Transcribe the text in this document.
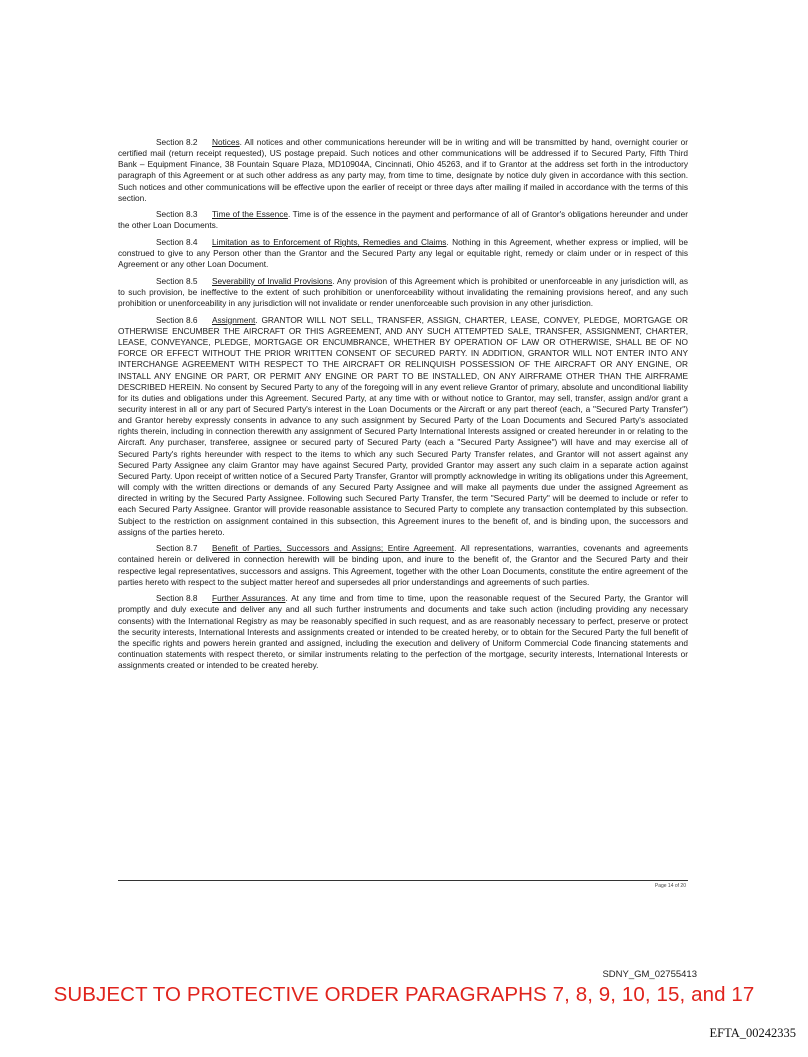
Section 8.2 Notices. All notices and other communications hereunder will be in writing and will be transmitted by hand, overnight courier or certified mail (return receipt requested), US postage prepaid. Such notices and other communications will be addressed if to Secured Party, Fifth Third Bank – Equipment Finance, 38 Fountain Square Plaza, MD10904A, Cincinnati, Ohio 45263, and if to Grantor at the address set forth in the introductory paragraph of this Agreement or at such other address as any party may, from time to time, designate by notice duly given in accordance with this section. Such notices and other communications will be effective upon the earlier of receipt or three days after mailing if mailed in accordance with the terms of this section.

Section 8.3 Time of the Essence. Time is of the essence in the payment and performance of all of Grantor's obligations hereunder and under the other Loan Documents.

Section 8.4 Limitation as to Enforcement of Rights, Remedies and Claims. Nothing in this Agreement, whether express or implied, will be construed to give to any Person other than the Grantor and the Secured Party any legal or equitable right, remedy or claim under or in respect of this Agreement or any other Loan Document.

Section 8.5 Severability of Invalid Provisions. Any provision of this Agreement which is prohibited or unenforceable in any jurisdiction will, as to such provision, be ineffective to the extent of such prohibition or unenforceability without invalidating the remaining provisions hereof, and any such prohibition or unenforceability in any jurisdiction will not invalidate or render unenforceable such provision in any other jurisdiction.

Section 8.6 Assignment. GRANTOR WILL NOT SELL, TRANSFER, ASSIGN, CHARTER, LEASE, CONVEY, PLEDGE, MORTGAGE OR OTHERWISE ENCUMBER THE AIRCRAFT OR THIS AGREEMENT, AND ANY SUCH ATTEMPTED SALE, TRANSFER, ASSIGNMENT, CHARTER, LEASE, CONVEYANCE, PLEDGE, MORTGAGE OR ENCUMBRANCE, WHETHER BY OPERATION OF LAW OR OTHERWISE, SHALL BE OF NO FORCE OR EFFECT WITHOUT THE PRIOR WRITTEN CONSENT OF SECURED PARTY. IN ADDITION, GRANTOR WILL NOT ENTER INTO ANY INTERCHANGE AGREEMENT WITH RESPECT TO THE AIRCRAFT OR RELINQUISH POSSESSION OF THE AIRCRAFT OR ANY ENGINE, OR INSTALL ANY ENGINE OR PART, OR PERMIT ANY ENGINE OR PART TO BE INSTALLED, ON ANY AIRFRAME OTHER THAN THE AIRFRAME DESCRIBED HEREIN. No consent by Secured Party to any of the foregoing will in any event relieve Grantor of primary, absolute and unconditional liability for its duties and obligations under this Agreement. Secured Party, at any time with or without notice to Grantor, may sell, transfer, assign and/or grant a security interest in all or any part of Secured Party's interest in the Loan Documents or the Aircraft or any part thereof (each, a "Secured Party Transfer") and Grantor hereby expressly consents in advance to any such assignment by Secured Party of the Loan Documents and Secured Party's associated rights therein, including in connection therewith any assignment of Secured Party International Interests assigned or created hereunder in or relating to the Aircraft. Any purchaser, transferee, assignee or secured party of Secured Party (each a "Secured Party Assignee") will have and may exercise all of Secured Party's rights hereunder with respect to the items to which any such Secured Party Transfer relates, and Grantor will not assert against any Secured Party Assignee any claim Grantor may have against Secured Party, provided Grantor may assert any such claim in a separate action against Secured Party. Upon receipt of written notice of a Secured Party Transfer, Grantor will promptly acknowledge in writing its obligations under this Agreement, will comply with the written directions or demands of any Secured Party Assignee and will make all payments due under the assigned Agreement as directed in writing by the Secured Party Assignee. Following such Secured Party Transfer, the term "Secured Party" will be deemed to include or refer to each Secured Party Assignee. Grantor will provide reasonable assistance to Secured Party to complete any transaction contemplated by this subsection. Subject to the restriction on assignment contained in this subsection, this Agreement inures to the benefit of, and is binding upon, the successors and assigns of the parties hereto.

Section 8.7 Benefit of Parties, Successors and Assigns; Entire Agreement. All representations, warranties, covenants and agreements contained herein or delivered in connection herewith will be binding upon, and inure to the benefit of, the Grantor and the Secured Party and their respective legal representatives, successors and assigns. This Agreement, together with the other Loan Documents, constitute the entire agreement of the parties hereto with respect to the subject matter hereof and supersedes all prior understandings and agreements of such parties.

Section 8.8 Further Assurances. At any time and from time to time, upon the reasonable request of the Secured Party, the Grantor will promptly and duly execute and deliver any and all such further instruments and documents and take such action (including providing any necessary consents) with the International Registry as may be reasonably specified in such request, and as are reasonably necessary to perfect, preserve or protect the security interests, International Interests and assignments created or intended to be created hereby, or to obtain for the Secured Party the full benefit of the specific rights and powers herein granted and assigned, including the execution and delivery of Uniform Commercial Code financing statements and continuation statements with respect thereto, or similar instruments relating to the perfection of the mortgage, security interests, International Interests or assignments created or intended to be created hereby.

Page 14 of 20
SDNY_GM_02755413
SUBJECT TO PROTECTIVE ORDER PARAGRAPHS 7, 8, 9, 10, 15, and 17
EFTA_00242335
